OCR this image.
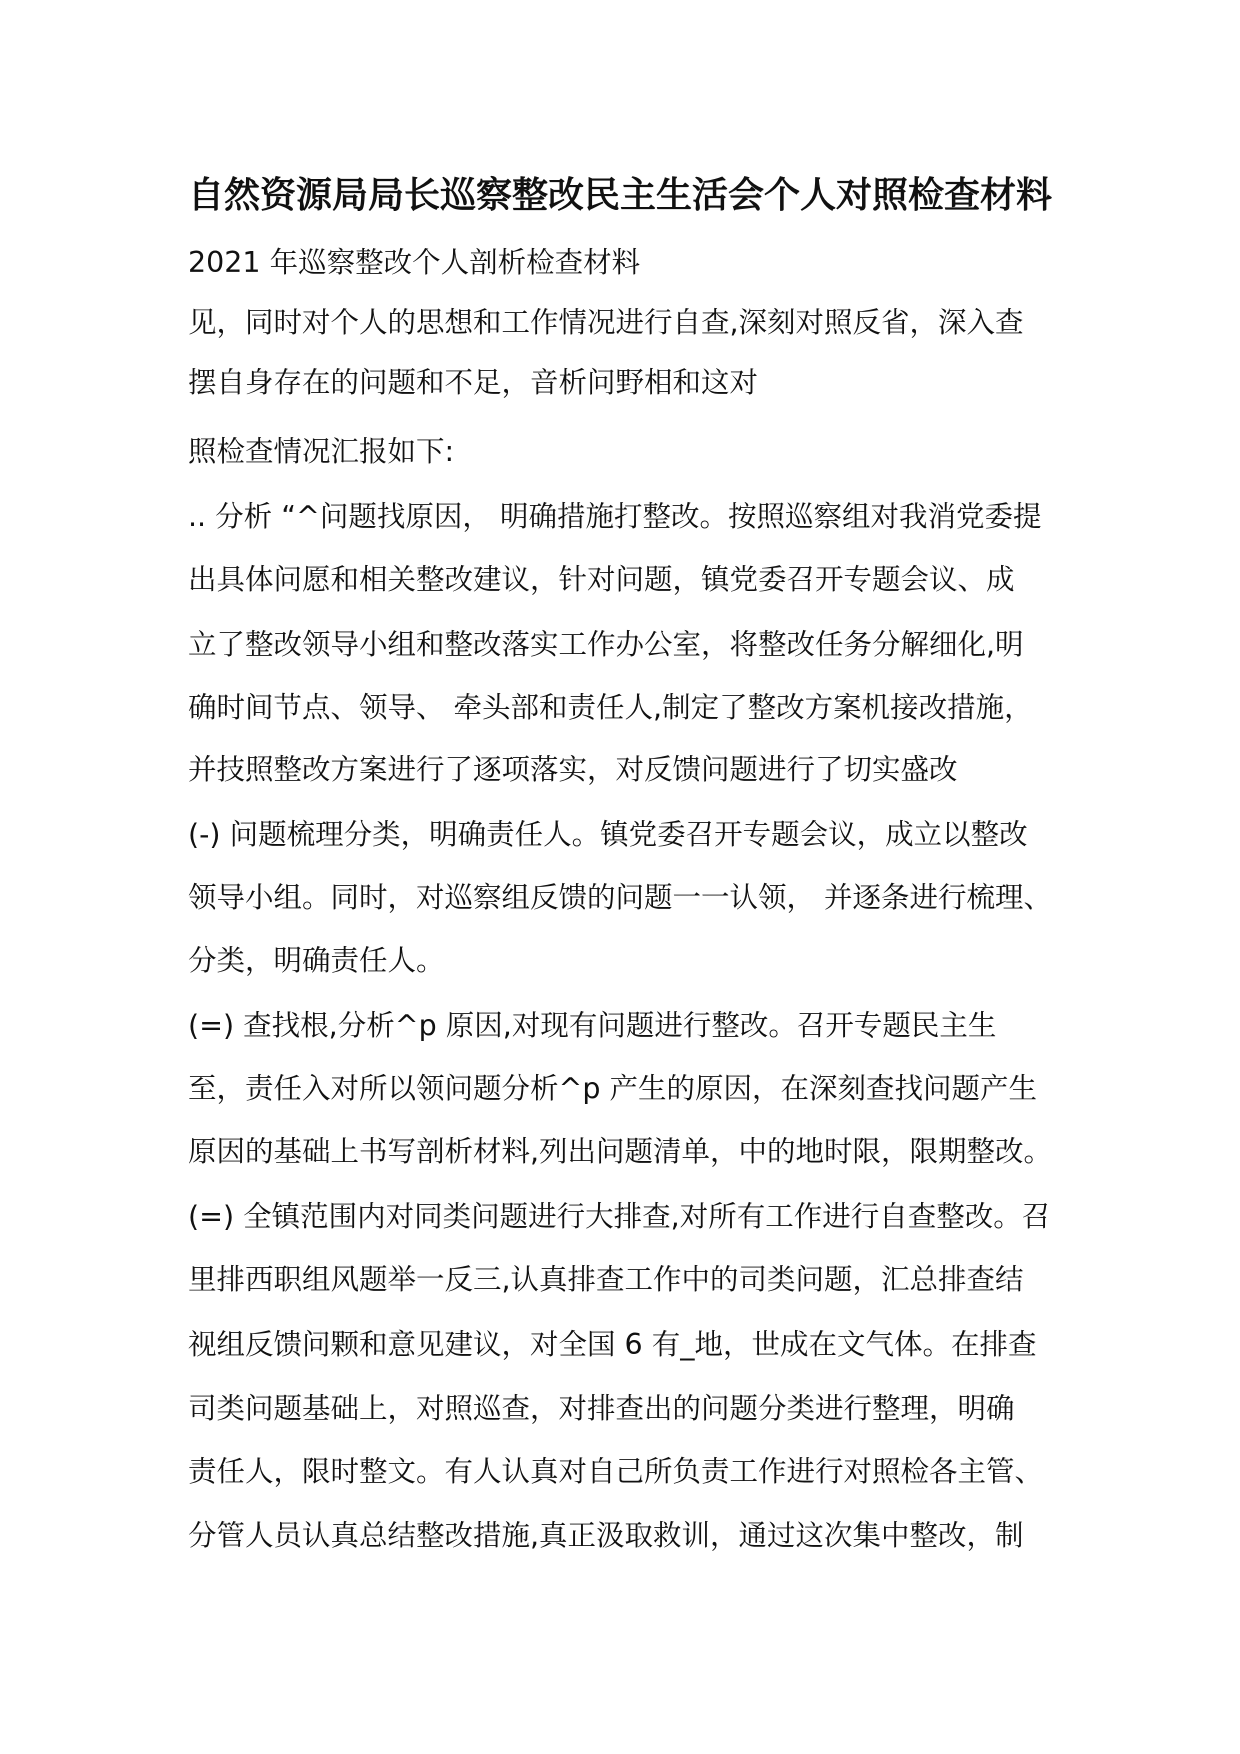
自然资源局局长巡察整改民主生活会个人对照检查材料
2021 年巡察整改个人剖析检查材料
见，同时对个人的思想和工作情况进行自查,深刻对照反省，深入查
摆自身存在的问题和不足，音析问野相和这对
照检查情况汇报如下:
.. 分析 “^问题找原因， 明确措施打整改。按照巡察组对我消党委提
出具体问愿和相关整改建议，针对问题，镇党委召开专题会议、成
立了整改领导小组和整改落实工作办公室，将整改任务分解细化,明
确时间节点、领导、 牵头部和责任人,制定了整改方案机接改措施，
并技照整改方案进行了逐项落实，对反馈问题进行了切实盛改
(-) 问题梳理分类，明确责任人。镇党委召开专题会议，成立以整改
领导小组。同时，对巡察组反馈的问题一一认领， 并逐条进行梳理、
分类，明确责任人。
(=) 查找根,分析^p 原因,对现有问题进行整改。召开专题民主生
至，责任入对所以领问题分析^p 产生的原因，在深刻查找问题产生
原因的基础上书写剖析材料,列出问题清单，中的地时限，限期整改。
(=) 全镇范围内对同类问题进行大排查,对所有工作进行自查整改。召
里排西职组风题举一反三,认真排查工作中的司类问题，汇总排查结
视组反馈问颗和意见建议，对全国 6 有_地，世成在文气体。在排查
司类问题基础上，对照巡查，对排查出的问题分类进行整理，明确
责任人，限时整文。有人认真对自己所负责工作进行对照检各主管、
分管人员认真总结整改措施,真正汲取救训，通过这次集中整改，制
